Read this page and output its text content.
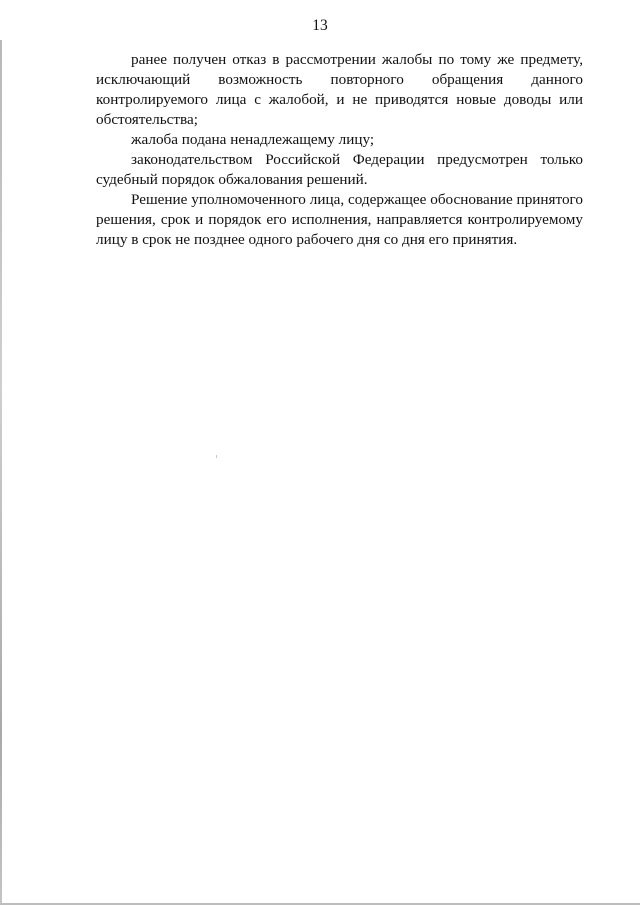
13

ранее получен отказ в рассмотрении жалобы по тому же предмету, исключающий возможность повторного обращения данного контролируемого лица с жалобой, и не приводятся новые доводы или обстоятельства;

жалоба подана ненадлежащему лицу;

законодательством Российской Федерации предусмотрен только судебный порядок обжалования решений.

Решение уполномоченного лица, содержащее обоснование принятого решения, срок и порядок его исполнения, направляется контролируемому лицу в срок не позднее одного рабочего дня со дня его принятия.
